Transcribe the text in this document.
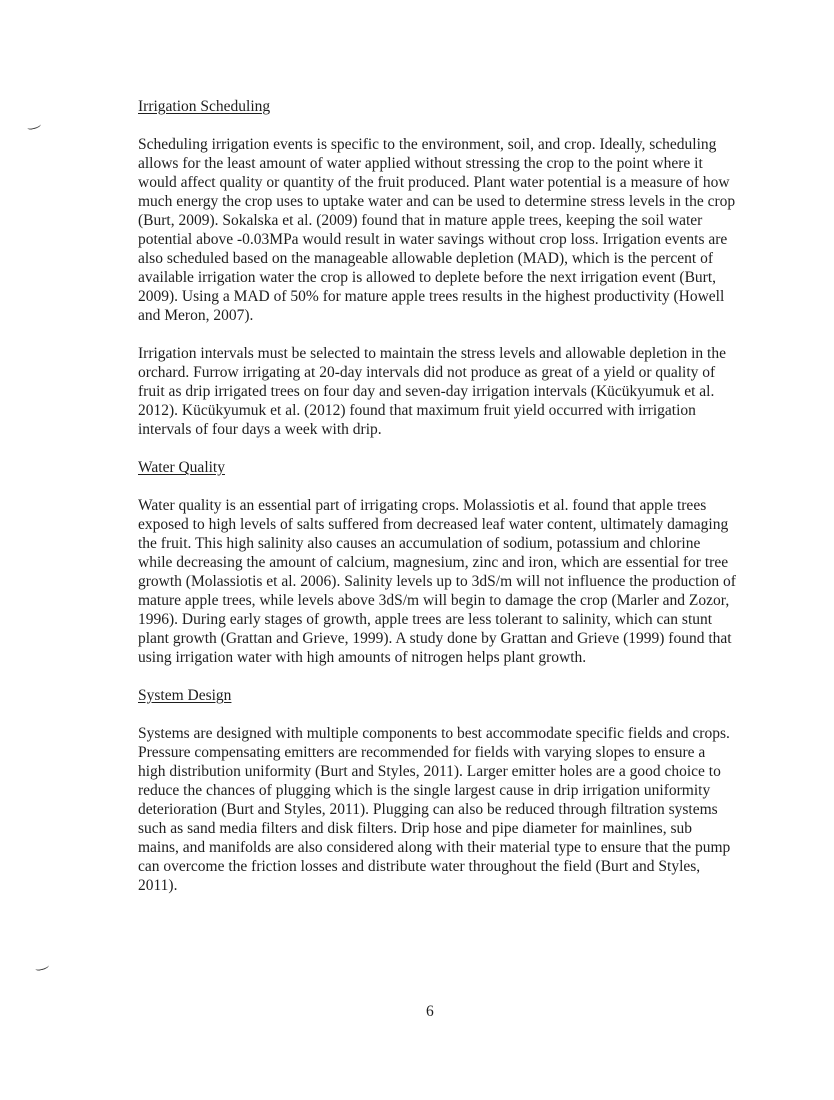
Irrigation Scheduling

Scheduling irrigation events is specific to the environment, soil, and crop. Ideally, scheduling allows for the least amount of water applied without stressing the crop to the point where it would affect quality or quantity of the fruit produced. Plant water potential is a measure of how much energy the crop uses to uptake water and can be used to determine stress levels in the crop (Burt, 2009). Sokalska et al. (2009) found that in mature apple trees, keeping the soil water potential above -0.03MPa would result in water savings without crop loss. Irrigation events are also scheduled based on the manageable allowable depletion (MAD), which is the percent of available irrigation water the crop is allowed to deplete before the next irrigation event (Burt, 2009). Using a MAD of 50% for mature apple trees results in the highest productivity (Howell and Meron, 2007).

Irrigation intervals must be selected to maintain the stress levels and allowable depletion in the orchard. Furrow irrigating at 20-day intervals did not produce as great of a yield or quality of fruit as drip irrigated trees on four day and seven-day irrigation intervals (Kücükyumuk et al. 2012). Kücükyumuk et al. (2012) found that maximum fruit yield occurred with irrigation intervals of four days a week with drip.

Water Quality

Water quality is an essential part of irrigating crops. Molassiotis et al. found that apple trees exposed to high levels of salts suffered from decreased leaf water content, ultimately damaging the fruit. This high salinity also causes an accumulation of sodium, potassium and chlorine while decreasing the amount of calcium, magnesium, zinc and iron, which are essential for tree growth (Molassiotis et al. 2006). Salinity levels up to 3dS/m will not influence the production of mature apple trees, while levels above 3dS/m will begin to damage the crop (Marler and Zozor, 1996). During early stages of growth, apple trees are less tolerant to salinity, which can stunt plant growth (Grattan and Grieve, 1999). A study done by Grattan and Grieve (1999) found that using irrigation water with high amounts of nitrogen helps plant growth.

System Design

Systems are designed with multiple components to best accommodate specific fields and crops. Pressure compensating emitters are recommended for fields with varying slopes to ensure a high distribution uniformity (Burt and Styles, 2011). Larger emitter holes are a good choice to reduce the chances of plugging which is the single largest cause in drip irrigation uniformity deterioration (Burt and Styles, 2011). Plugging can also be reduced through filtration systems such as sand media filters and disk filters. Drip hose and pipe diameter for mainlines, sub mains, and manifolds are also considered along with their material type to ensure that the pump can overcome the friction losses and distribute water throughout the field (Burt and Styles, 2011).

6
